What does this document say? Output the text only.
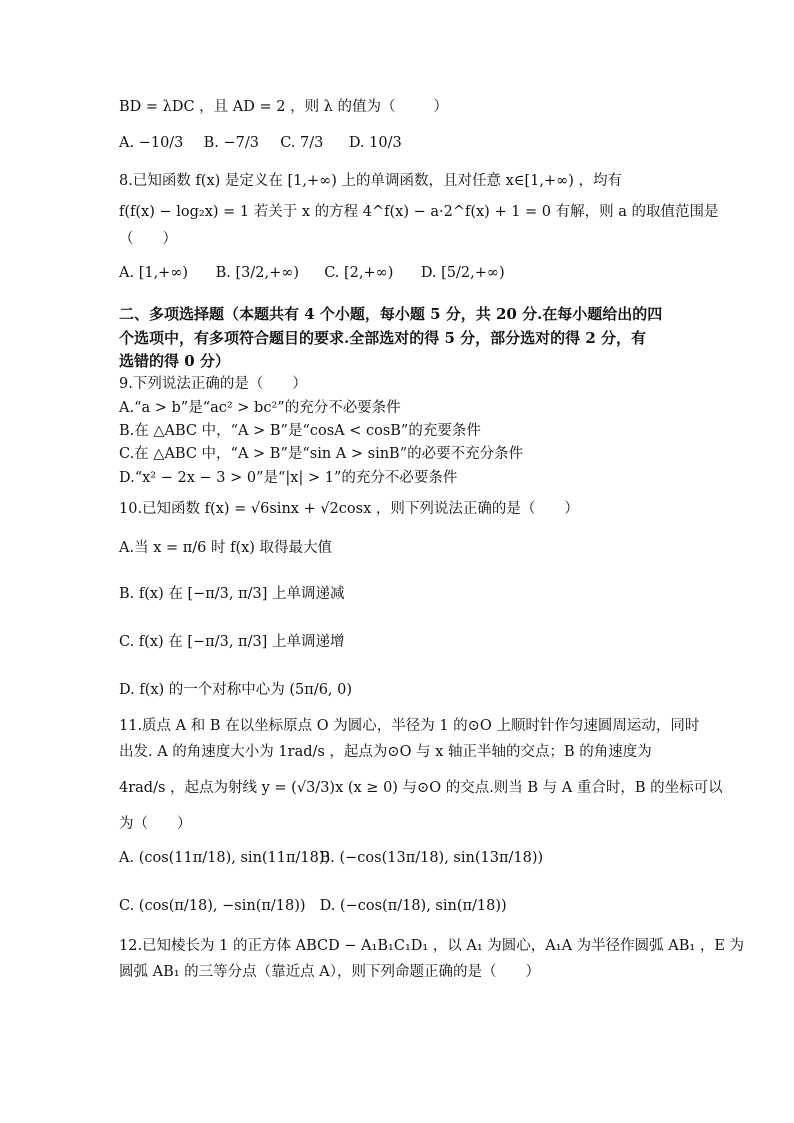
BD = λDC ，且 AD = 2 ，则 λ 的值为（	）
A. −10/3 B. −7/3 C. 7/3 D. 10/3
8.已知函数 f(x) 是定义在 [1,+∞) 上的单调函数，且对任意 x∈[1,+∞) ，均有
f(f(x) − log₂x) = 1 若关于 x 的方程 4^f(x) − a·2^f(x) + 1 = 0 有解，则 a 的取值范围是
（　　）
A. [1,+∞) B. [3/2,+∞) C. [2,+∞) D. [5/2,+∞)
二、多项选择题（本题共有 4 个小题，每小题 5 分，共 20 分.在每小题给出的四
个选项中，有多项符合题目的要求.全部选对的得 5 分，部分选对的得 2 分，有
选错的得 0 分）
9.下列说法正确的是（　　）
A.“a > b”是“ac² > bc²”的充分不必要条件
B.在 △ABC 中，“A > B”是“cosA < cosB”的充要条件
C.在 △ABC 中，“A > B”是“sin A > sinB”的必要不充分条件
D.“x² − 2x − 3 > 0”是“|x| > 1”的充分不必要条件
10.已知函数 f(x) = √6sinx + √2cosx ，则下列说法正确的是（　　）
A.当 x = π/6 时 f(x) 取得最大值
B. f(x) 在 [−π/3, π/3] 上单调递减
C. f(x) 在 [−π/3, π/3] 上单调递增
D. f(x) 的一个对称中心为 (5π/6, 0)
11.质点 A 和 B 在以坐标原点 O 为圆心，半径为 1 的⊙O 上顺时针作匀速圆周运动，同时
出发. A 的角速度大小为 1rad/s ，起点为⊙O 与 x 轴正半轴的交点；B 的角速度为
4rad/s ，起点为射线 y = (√3/3)x (x ≥ 0) 与⊙O 的交点.则当 B 与 A 重合时，B 的坐标可以
为（　　）
A. (cos(11π/18), sin(11π/18)) B. (−cos(13π/18), sin(13π/18))
C. (cos(π/18), −sin(π/18)) D. (−cos(π/18), sin(π/18))
12.已知棱长为 1 的正方体 ABCD − A₁B₁C₁D₁ ，以 A₁ 为圆心，A₁A 为半径作圆弧 AB₁ ，E 为
圆弧 AB₁ 的三等分点（靠近点 A），则下列命题正确的是（　　）
